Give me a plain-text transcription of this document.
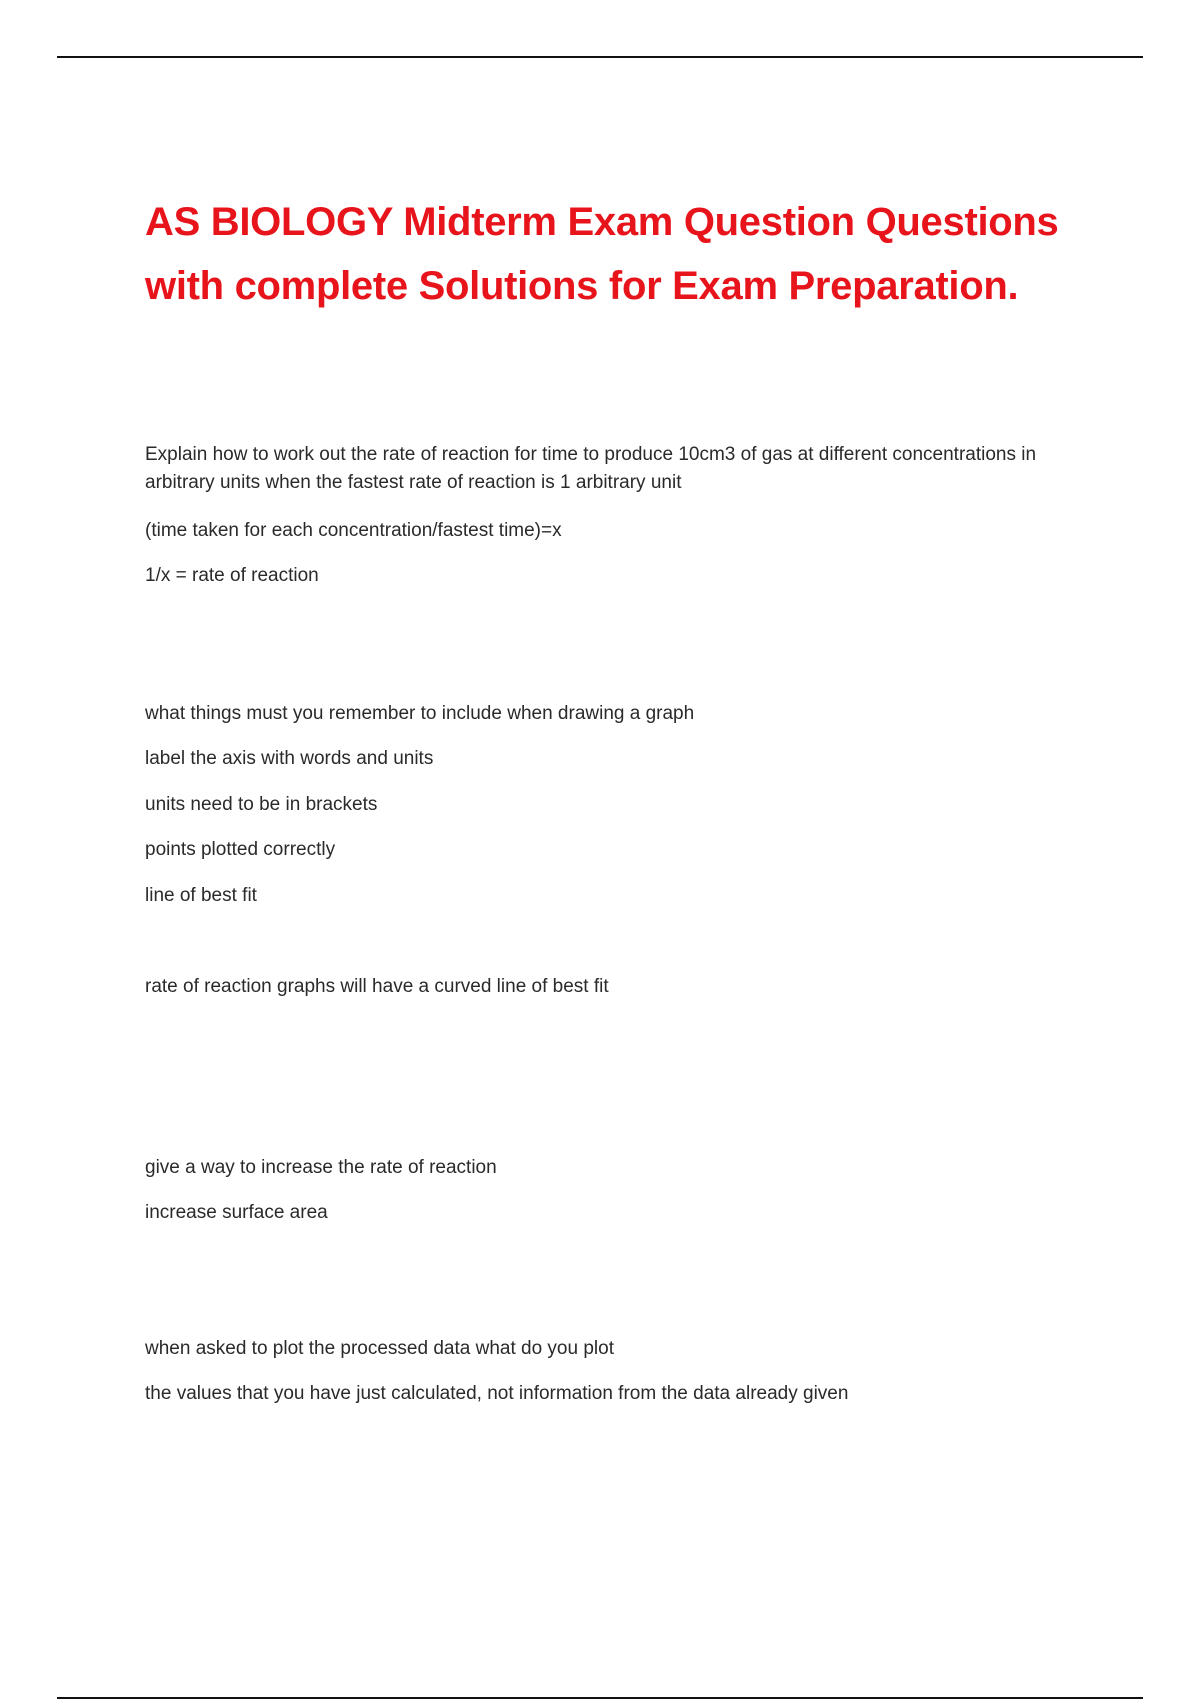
AS BIOLOGY Midterm Exam Question Questions with complete Solutions for Exam Preparation.

Explain how to work out the rate of reaction for time to produce 10cm3 of gas at different concentrations in arbitrary units when the fastest rate of reaction is 1 arbitrary unit

(time taken for each concentration/fastest time)=x

1/x = rate of reaction

what things must you remember to include when drawing a graph

label the axis with words and units

units need to be in brackets

points plotted correctly

line of best fit

rate of reaction graphs will have a curved line of best fit

give a way to increase the rate of reaction

increase surface area

when asked to plot the processed data what do you plot

the values that you have just calculated, not information from the data already given
